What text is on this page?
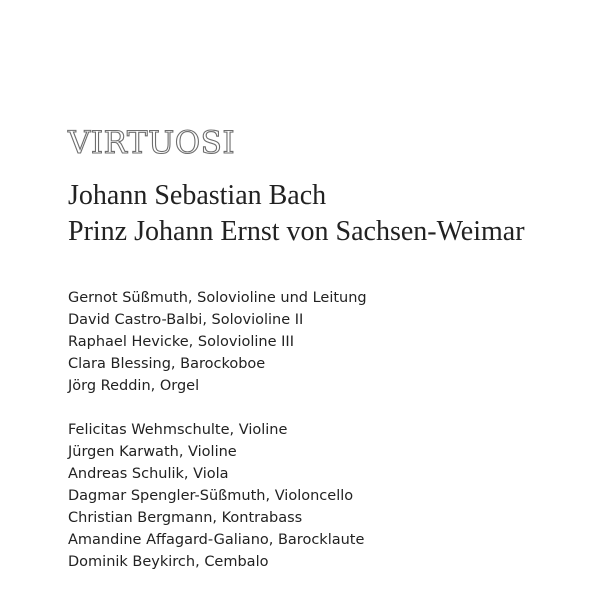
VIRTUOSI
Johann Sebastian Bach
Prinz Johann Ernst von Sachsen-Weimar
Gernot Süßmuth, Solovioline und Leitung
David Castro-Balbi, Solovioline II
Raphael Hevicke, Solovioline III
Clara Blessing, Barockoboe
Jörg Reddin, Orgel
Felicitas Wehmschulte, Violine
Jürgen Karwath, Violine
Andreas Schulik, Viola
Dagmar Spengler-Süßmuth, Violoncello
Christian Bergmann, Kontrabass
Amandine Affagard-Galiano, Barocklaute
Dominik Beykirch, Cembalo
